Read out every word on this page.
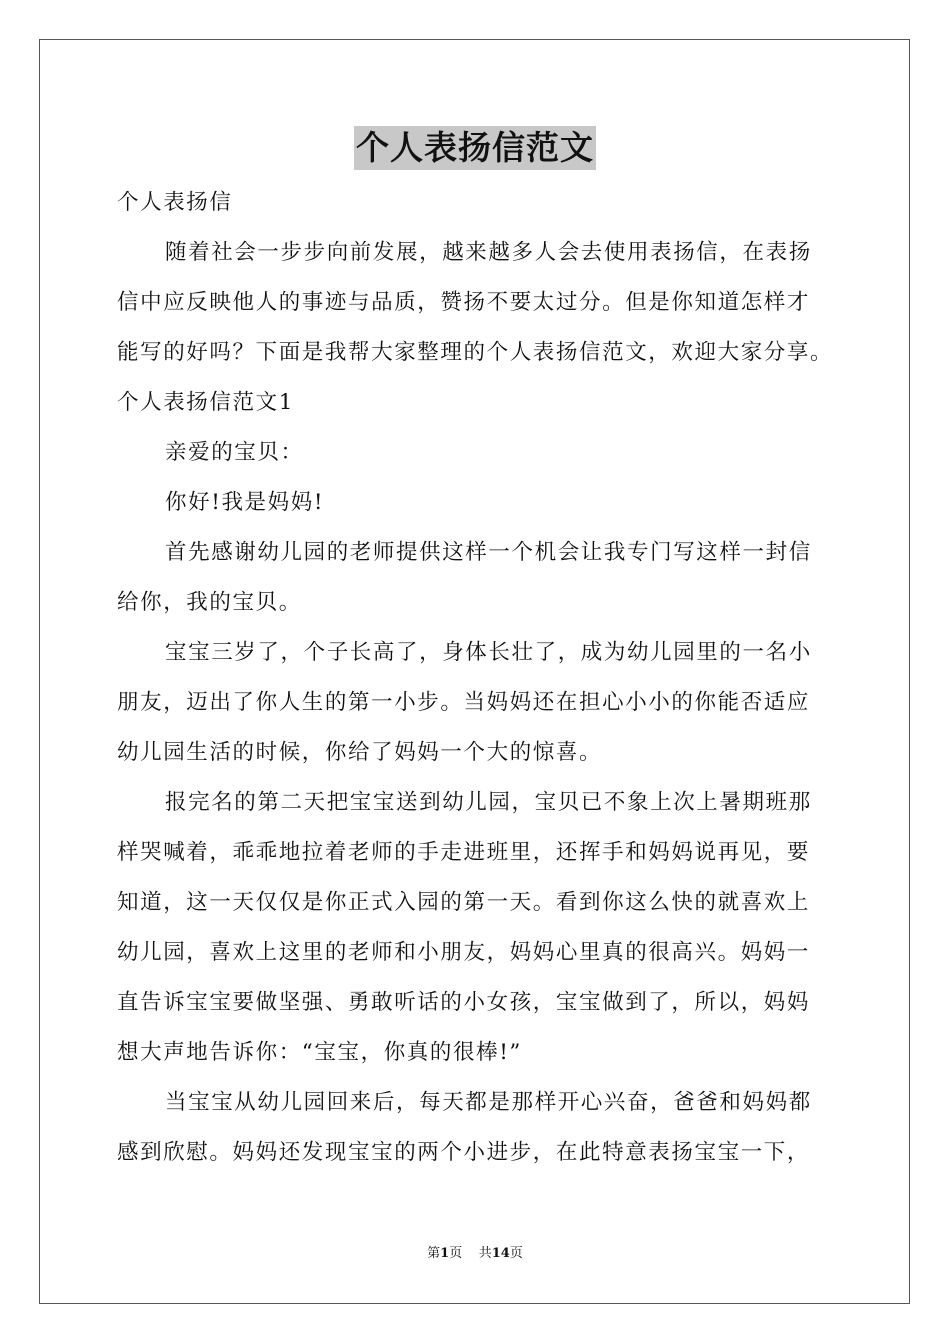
个人表扬信范文
个人表扬信
随着社会一步步向前发展，越来越多人会去使用表扬信，在表扬
信中应反映他人的事迹与品质，赞扬不要太过分。但是你知道怎样才
能写的好吗？下面是我帮大家整理的个人表扬信范文，欢迎大家分享。
个人表扬信范文1
亲爱的宝贝：
你好!我是妈妈!
首先感谢幼儿园的老师提供这样一个机会让我专门写这样一封信
给你，我的宝贝。
宝宝三岁了，个子长高了，身体长壮了，成为幼儿园里的一名小
朋友，迈出了你人生的第一小步。当妈妈还在担心小小的你能否适应
幼儿园生活的时候，你给了妈妈一个大的惊喜。
报完名的第二天把宝宝送到幼儿园，宝贝已不象上次上暑期班那
样哭喊着，乖乖地拉着老师的手走进班里，还挥手和妈妈说再见，要
知道，这一天仅仅是你正式入园的第一天。看到你这么快的就喜欢上
幼儿园，喜欢上这里的老师和小朋友，妈妈心里真的很高兴。妈妈一
直告诉宝宝要做坚强、勇敢听话的小女孩，宝宝做到了，所以，妈妈
想大声地告诉你：“宝宝，你真的很棒!”
当宝宝从幼儿园回来后，每天都是那样开心兴奋，爸爸和妈妈都
感到欣慰。妈妈还发现宝宝的两个小进步，在此特意表扬宝宝一下，
第1页 共14页
